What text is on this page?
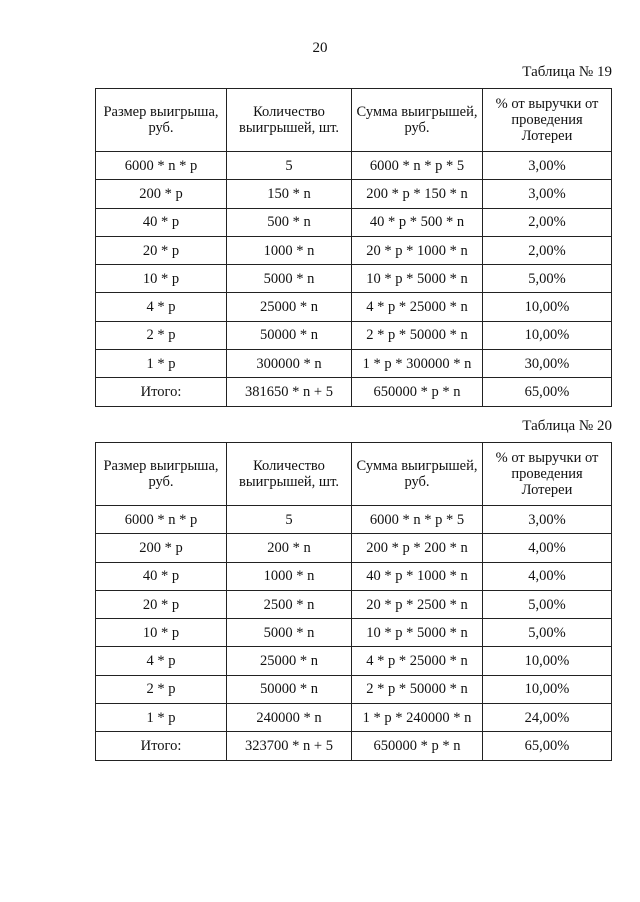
20
Таблица № 19
Размер выигрыша, руб.	Количество выигрышей, шт.	Сумма выигрышей, руб.	% от выручки от проведения Лотереи
6000 * n * p	5	6000 * n * p * 5	3,00%
200 * p	150 * n	200 * p * 150 * n	3,00%
40 * p	500 * n	40 * p * 500 * n	2,00%
20 * p	1000 * n	20 * p * 1000 * n	2,00%
10 * p	5000 * n	10 * p * 5000 * n	5,00%
4 * p	25000 * n	4 * p * 25000 * n	10,00%
2 * p	50000 * n	2 * p * 50000 * n	10,00%
1 * p	300000 * n	1 * p * 300000 * n	30,00%
Итого:	381650 * n + 5	650000 * p * n	65,00%
Таблица № 20
Размер выигрыша, руб.	Количество выигрышей, шт.	Сумма выигрышей, руб.	% от выручки от проведения Лотереи
6000 * n * p	5	6000 * n * p * 5	3,00%
200 * p	200 * n	200 * p * 200 * n	4,00%
40 * p	1000 * n	40 * p * 1000 * n	4,00%
20 * p	2500 * n	20 * p * 2500 * n	5,00%
10 * p	5000 * n	10 * p * 5000 * n	5,00%
4 * p	25000 * n	4 * p * 25000 * n	10,00%
2 * p	50000 * n	2 * p * 50000 * n	10,00%
1 * p	240000 * n	1 * p * 240000 * n	24,00%
Итого:	323700 * n + 5	650000 * p * n	65,00%
